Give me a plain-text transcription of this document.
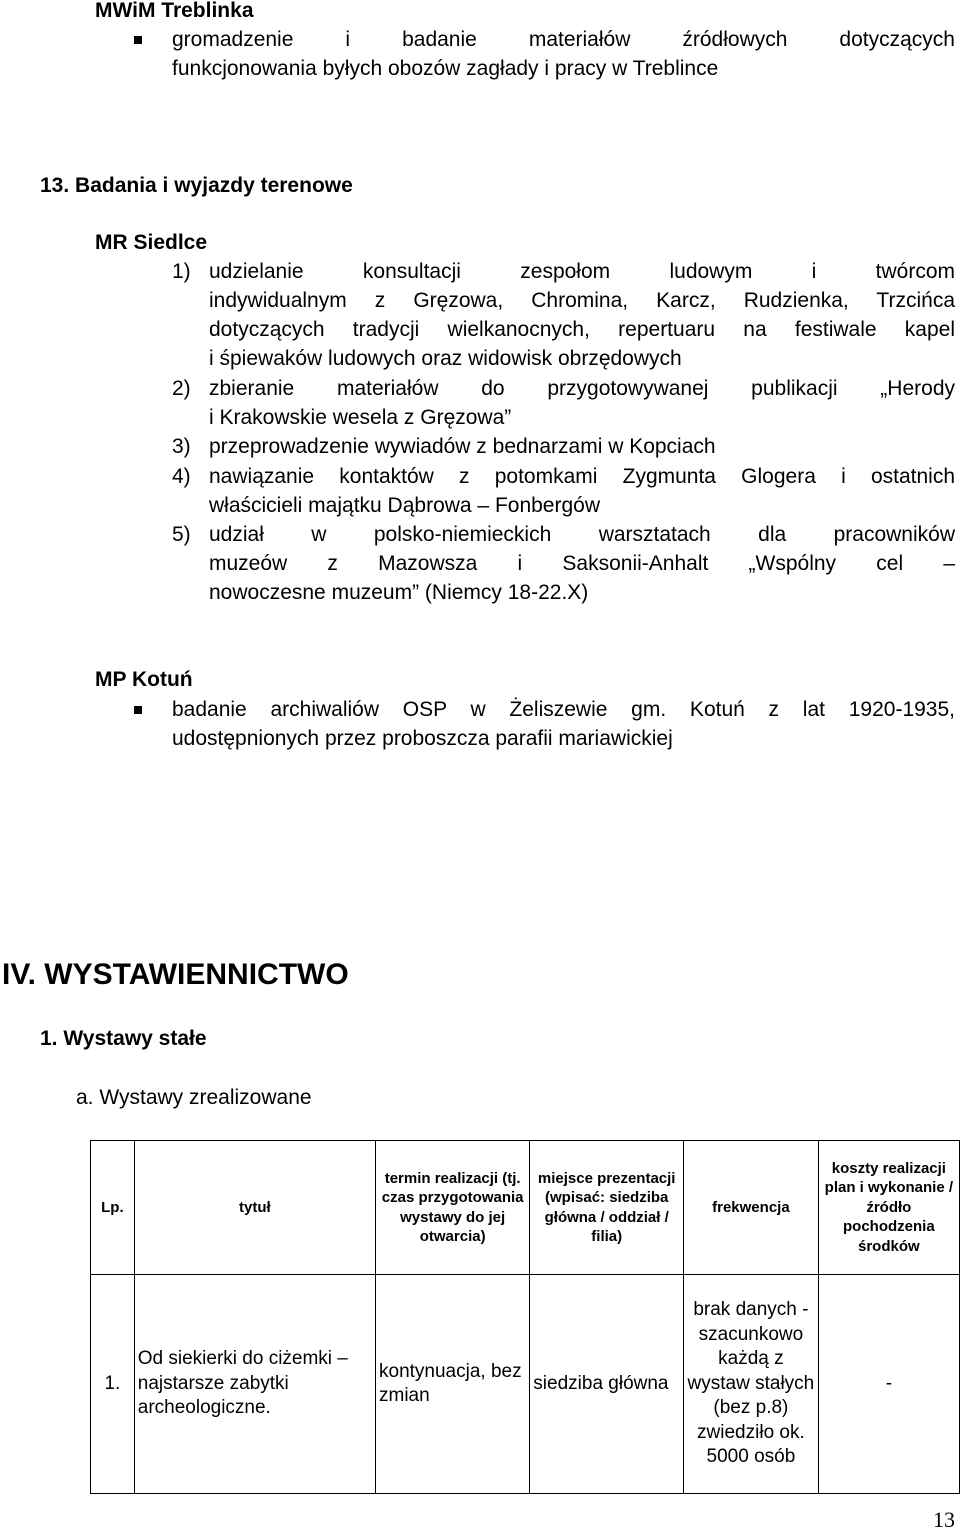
MWiM Treblinka
gromadzenie i badanie materiałów źródłowych dotyczących
funkcjonowania byłych obozów zagłady i pracy w Treblince
13. Badania i wyjazdy terenowe
MR Siedlce
1) udzielanie konsultacji zespołom ludowym i twórcom
indywidualnym z Gręzowa, Chromina, Karcz, Rudzienka, Trzcińca
dotyczących tradycji wielkanocnych, repertuaru na festiwale kapel
i śpiewaków ludowych oraz widowisk obrzędowych
2) zbieranie materiałów do przygotowywanej publikacji „Herody
i Krakowskie wesela z Gręzowa”
3) przeprowadzenie wywiadów z bednarzami w Kopciach
4) nawiązanie kontaktów z potomkami Zygmunta Glogera i ostatnich
właścicieli majątku Dąbrowa – Fonbergów
5) udział w polsko-niemieckich warsztatach dla pracowników
muzeów z Mazowsza i Saksonii-Anhalt „Wspólny cel –
nowoczesne muzeum” (Niemcy 18-22.X)
MP Kotuń
badanie archiwaliów OSP w Żeliszewie gm. Kotuń z lat 1920-1935,
udostępnionych przez proboszcza parafii mariawickiej
IV. WYSTAWIENNICTWO
1. Wystawy stałe
a. Wystawy zrealizowane
Lp.	tytuł	termin realizacji (tj. czas przygotowania wystawy do jej otwarcia)	miejsce prezentacji (wpisać: siedziba główna / oddział / filia)	frekwencja	koszty realizacji plan i wykonanie / źródło pochodzenia środków
1.	Od siekierki do ciżemki – najstarsze zabytki archeologiczne.	kontynuacja, bez zmian	siedziba główna	brak danych - szacunkowo każdą z wystaw stałych (bez p.8) zwiedziło ok. 5000 osób	-
13
